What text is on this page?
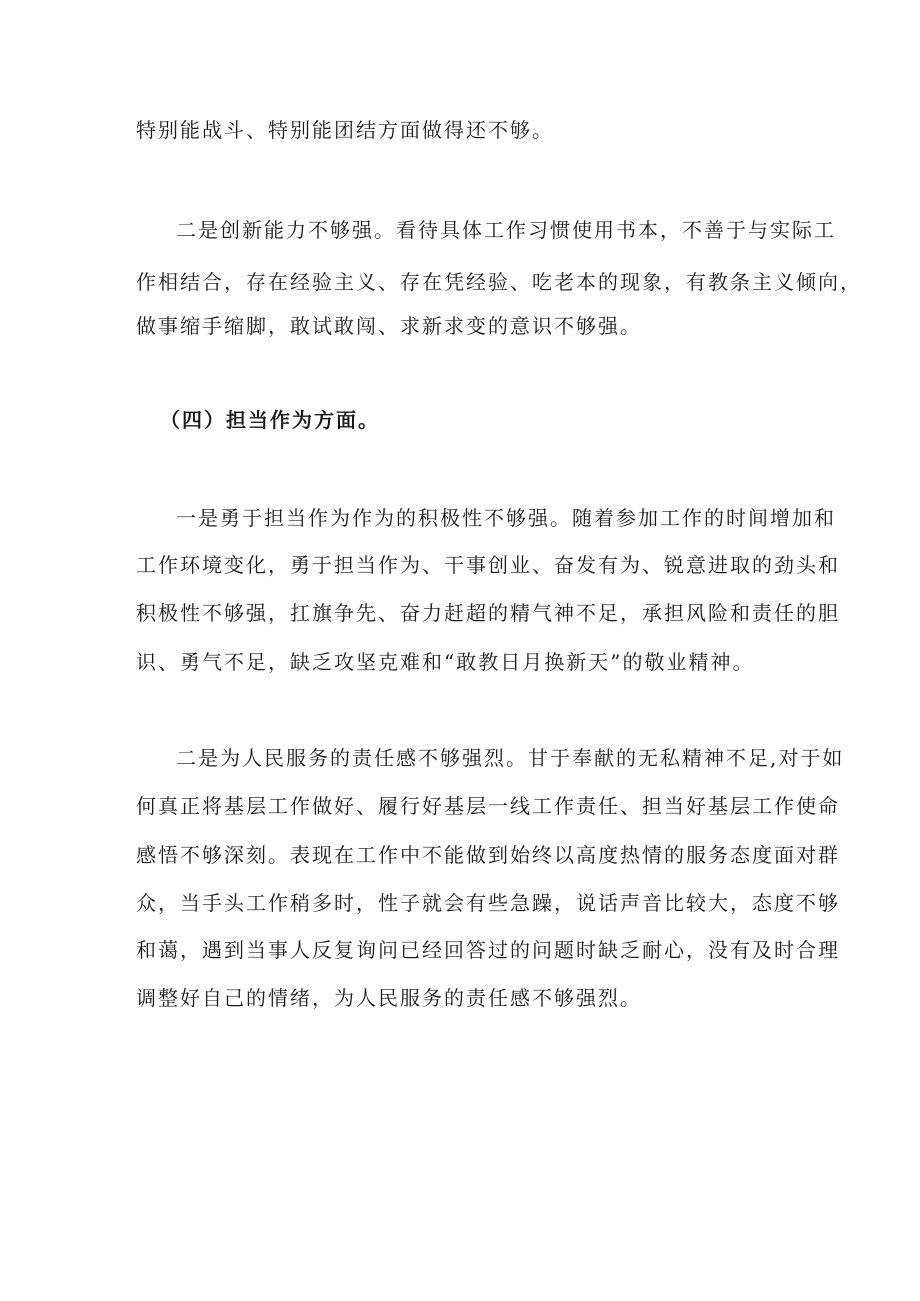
特别能战斗、特别能团结方面做得还不够。
二是创新能力不够强。看待具体工作习惯使用书本，不善于与实际工
作相结合，存在经验主义、存在凭经验、吃老本的现象，有教条主义倾向，
做事缩手缩脚，敢试敢闯、求新求变的意识不够强。
（四）担当作为方面。
一是勇于担当作为作为的积极性不够强。随着参加工作的时间增加和
工作环境变化，勇于担当作为、干事创业、奋发有为、锐意进取的劲头和
积极性不够强，扛旗争先、奋力赶超的精气神不足，承担风险和责任的胆
识、勇气不足，缺乏攻坚克难和“敢教日月换新天”的敬业精神。
二是为人民服务的责任感不够强烈。甘于奉献的无私精神不足,对于如
何真正将基层工作做好、履行好基层一线工作责任、担当好基层工作使命
感悟不够深刻。表现在工作中不能做到始终以高度热情的服务态度面对群
众，当手头工作稍多时，性子就会有些急躁，说话声音比较大，态度不够
和蔼，遇到当事人反复询问已经回答过的问题时缺乏耐心，没有及时合理
调整好自己的情绪，为人民服务的责任感不够强烈。
